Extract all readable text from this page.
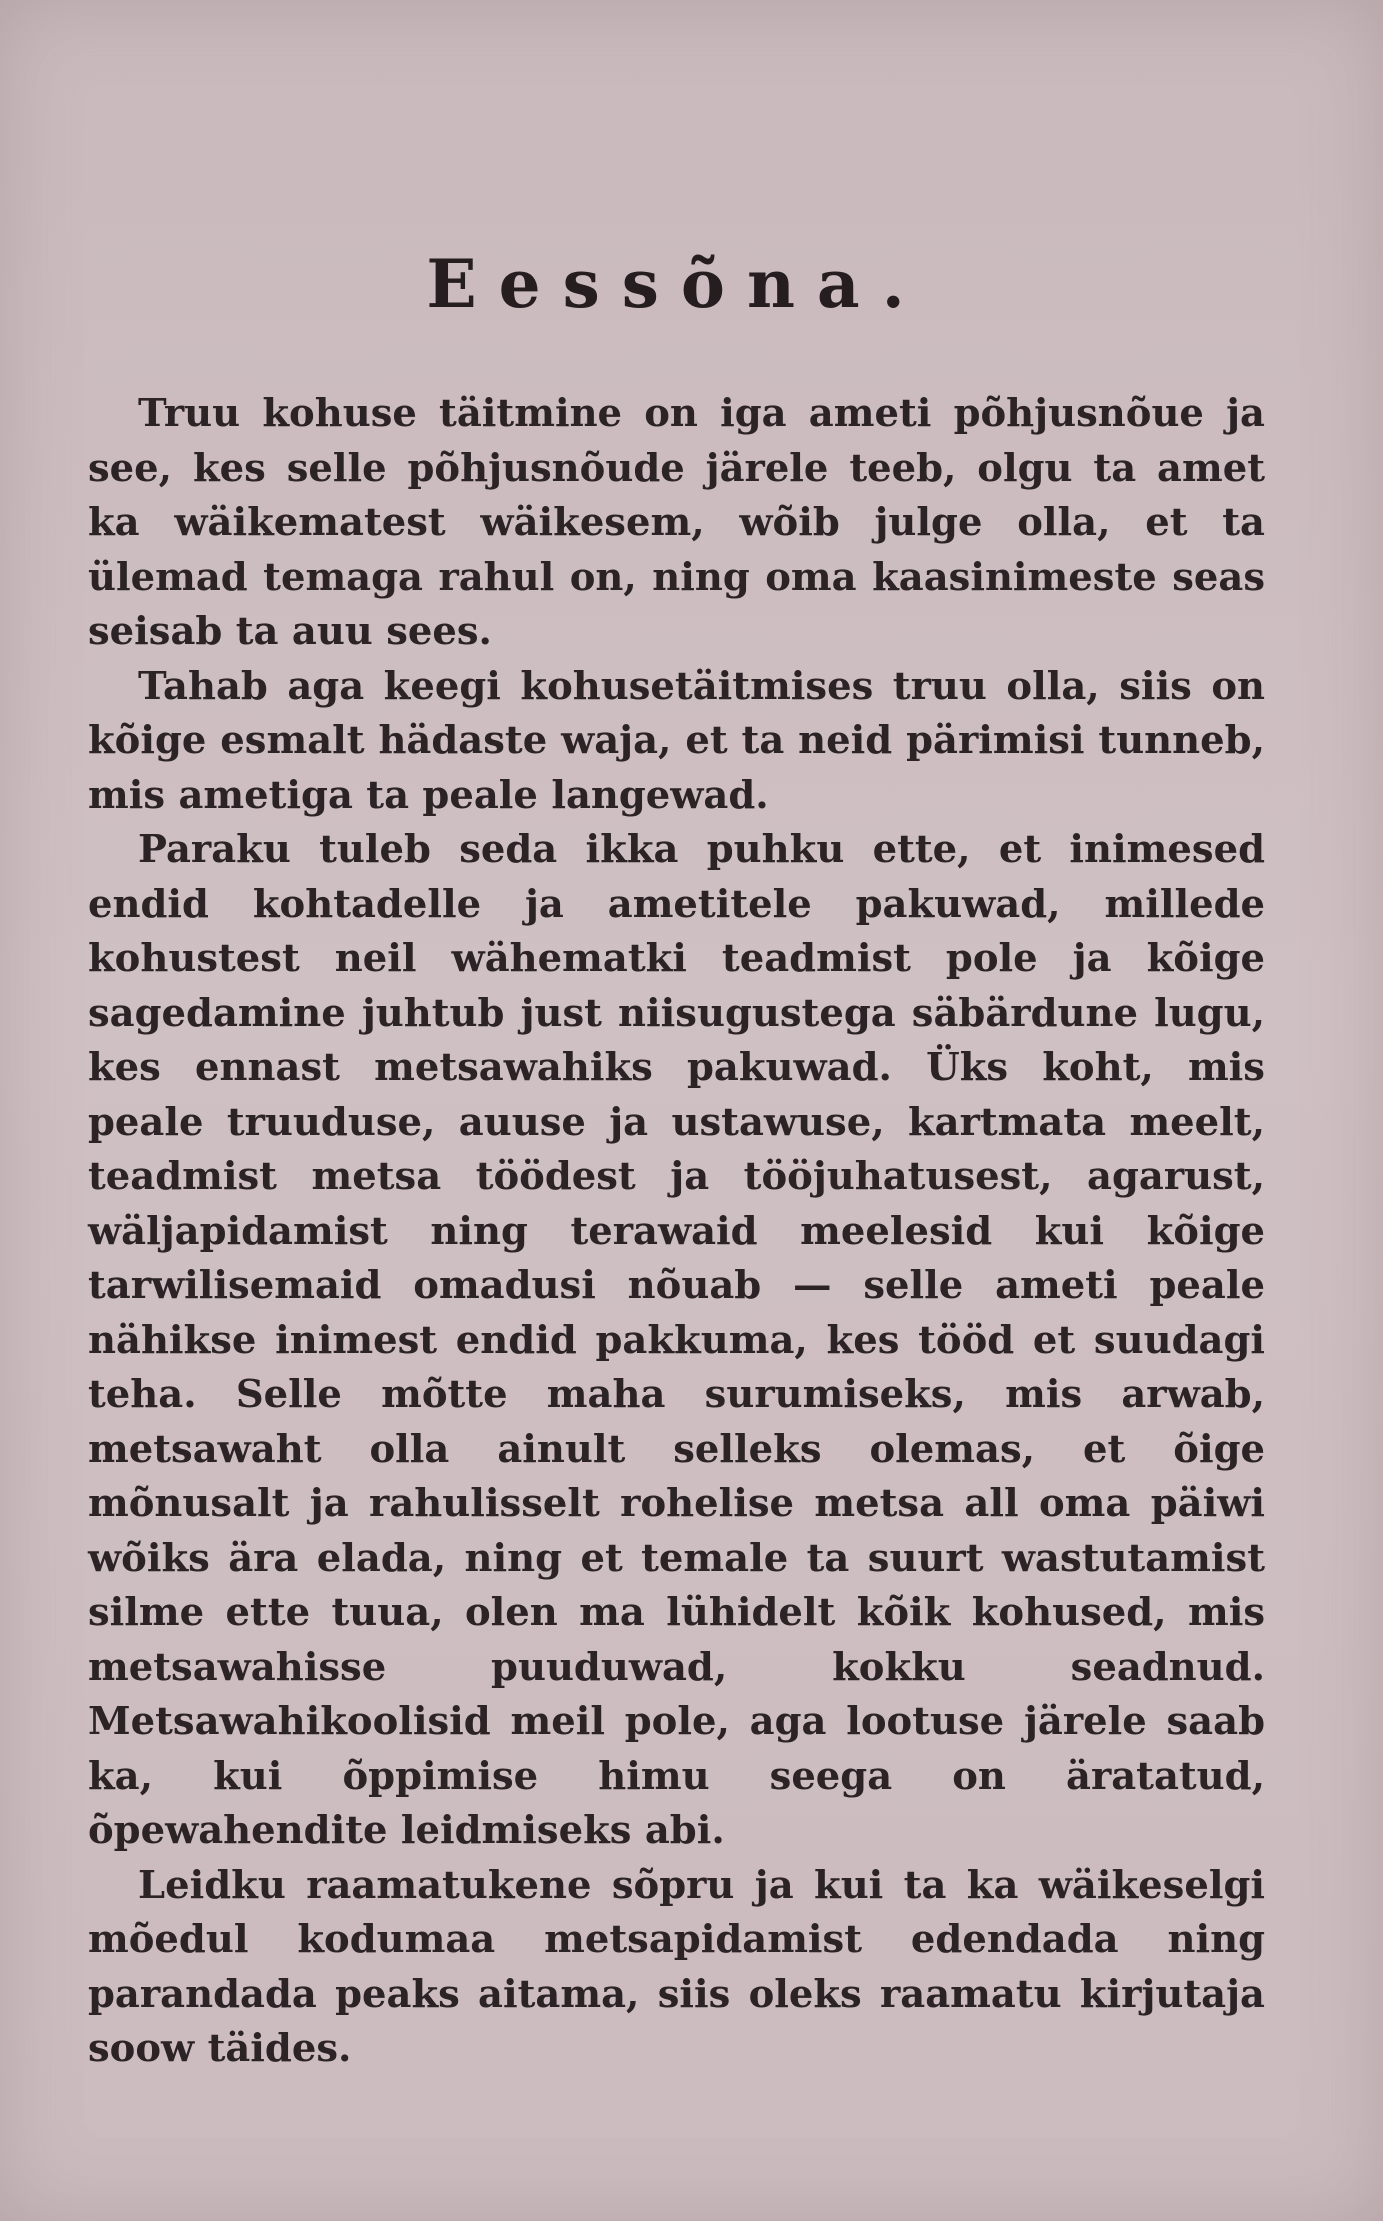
Eessõna.

Truu kohuse täitmine on iga ameti põhjusnõue ja see, kes selle põhjusnõude järele teeb, olgu ta amet ka wäikematest wäikesem, wõib julge olla, et ta ülemad temaga rahul on, ning oma kaasinimeste seas seisab ta auu sees.

Tahab aga keegi kohusetäitmises truu olla, siis on kõige esmalt hädaste waja, et ta neid pärimisi tunneb, mis ametiga ta peale langewad.

Paraku tuleb seda ikka puhku ette, et inimesed endid kohtadelle ja ametitele pakuwad, millede kohustest neil wähematki teadmist pole ja kõige sagedamine juhtub just niisugustega säbärdune lugu, kes ennast metsawahiks pakuwad. Üks koht, mis peale truuduse, auuse ja ustawuse, kartmata meelt, teadmist metsa töödest ja tööjuhatusest, agarust, wäljapidamist ning terawaid meelesid kui kõige tarwilisemaid omadusi nõuab — selle ameti peale nähikse inimest endid pakkuma, kes tööd et suudagi teha. Selle mõtte maha surumiseks, mis arwab, metsawaht olla ainult selleks olemas, et õige mõnusalt ja rahulisselt rohelise metsa all oma päiwi wõiks ära elada, ning et temale ta suurt wastutamist silme ette tuua, olen ma lühidelt kõik kohused, mis metsawahisse puuduwad, kokku seadnud. Metsawahikoolisid meil pole, aga lootuse järele saab ka, kui õppimise himu seega on äratatud, õpewahendite leidmiseks abi.

Leidku raamatukene sõpru ja kui ta ka wäikeselgi mõedul kodumaa metsapidamist edendada ning parandada peaks aitama, siis oleks raamatu kirjutaja soow täides.
